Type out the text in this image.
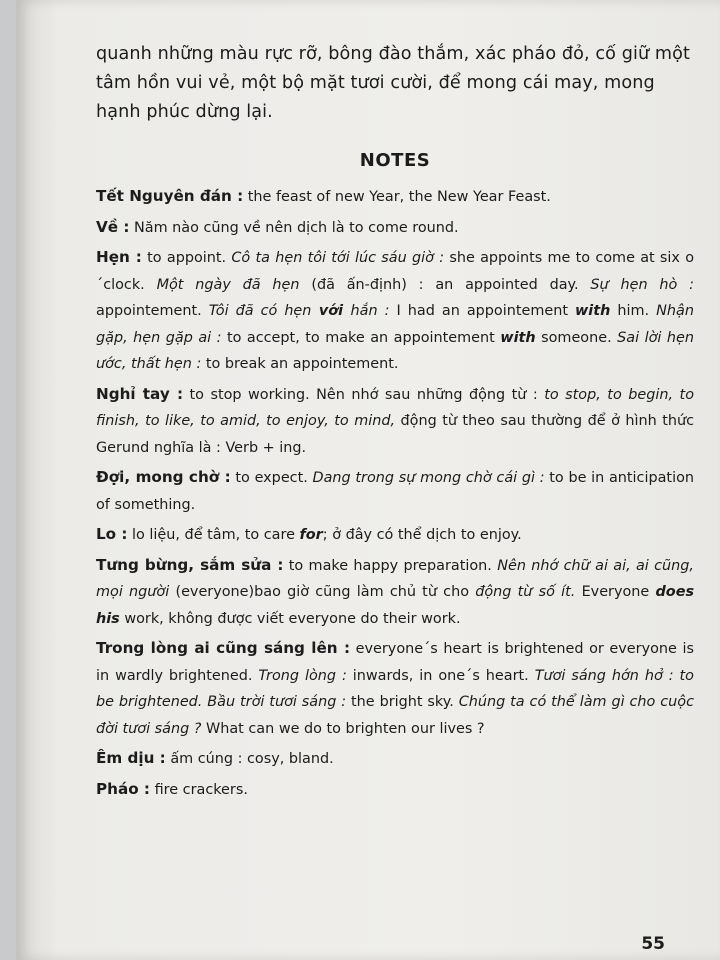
quanh những màu rực rỡ, bông đào thắm, xác pháo đỏ, cố giữ một tâm hồn vui vẻ, một bộ mặt tươi cười, để mong cái may, mong hạnh phúc dừng lại.

NOTES

Tết Nguyên đán : the feast of new Year, the New Year Feast.

Về : Năm nào cũng về nên dịch là to come round.

Hẹn : to appoint. Cô ta hẹn tôi tới lúc sáu giờ : she appoints me to come at six o´clock. Một ngày đã hẹn (đã ấn-định) : an appointed day. Sự hẹn hò : appointement. Tôi đã có hẹn với hắn : I had an appointement with him. Nhận gặp, hẹn gặp ai : to accept, to make an appointement with someone. Sai lời hẹn ước, thất hẹn : to break an appointement.

Nghỉ tay : to stop working. Nên nhớ sau những động từ : to stop, to begin, to finish, to like, to amid, to enjoy, to mind, động từ theo sau thường để ở hình thức Gerund nghĩa là : Verb + ing.

Đợi, mong chờ : to expect. Dang trong sự mong chờ cái gì : to be in anticipation of something.

Lo : lo liệu, để tâm, to care for; ở đây có thể dịch to enjoy.

Tưng bừng, sắm sửa : to make happy preparation. Nên nhớ chữ ai ai, ai cũng, mọi người (everyone)bao giờ cũng làm chủ từ cho động từ số ít. Everyone does his work, không được viết everyone do their work.

Trong lòng ai cũng sáng lên : everyone´s heart is brightened or everyone is in wardly brightened. Trong lòng : inwards, in one´s heart. Tươi sáng hớn hở : to be brightened. Bầu trời tươi sáng : the bright sky. Chúng ta có thể làm gì cho cuộc đời tươi sáng ? What can we do to brighten our lives ?

Êm dịu : ấm cúng : cosy, bland.

Pháo : fire crackers.

55
